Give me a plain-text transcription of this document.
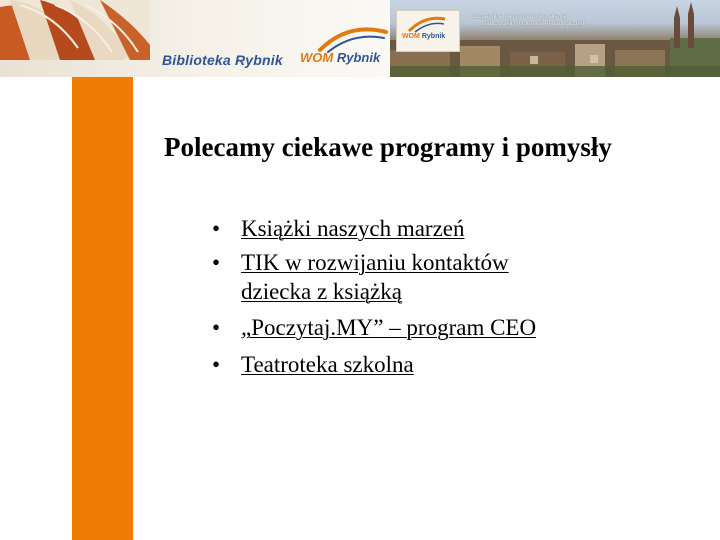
Biblioteka Rybnik WOM Rybnik
WOM Rybnik
Szczególne Centrum Doskonalenia
Nauczycieli i Informacji Pedagogicznej
Polecamy ciekawe programy i pomysły
• Książki naszych marzeń
• TIK w rozwijaniu kontaktów dziecka z książką
• „Poczytaj.MY” – program CEO
• Teatroteka szkolna
